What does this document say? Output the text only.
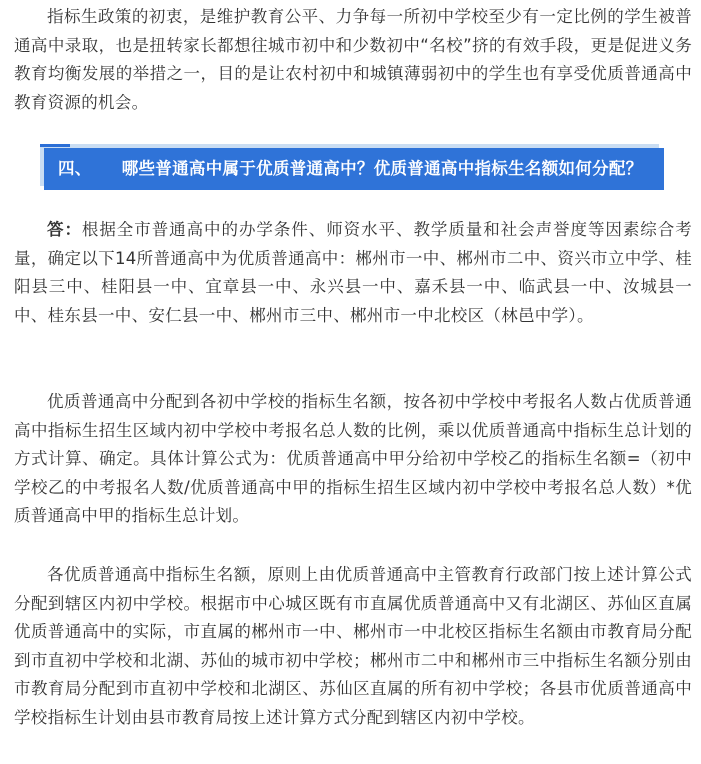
指标生政策的初衷，是维护教育公平、力争每一所初中学校至少有一定比例的学生被普通高中录取，也是扭转家长都想往城市初中和少数初中“名校”挤的有效手段，更是促进义务教育均衡发展的举措之一，目的是让农村初中和城镇薄弱初中的学生也有享受优质普通高中教育资源的机会。

四、 哪些普通高中属于优质普通高中？优质普通高中指标生名额如何分配？

答：根据全市普通高中的办学条件、师资水平、教学质量和社会声誉度等因素综合考量，确定以下14所普通高中为优质普通高中：郴州市一中、郴州市二中、资兴市立中学、桂阳县三中、桂阳县一中、宜章县一中、永兴县一中、嘉禾县一中、临武县一中、汝城县一中、桂东县一中、安仁县一中、郴州市三中、郴州市一中北校区（林邑中学）。

优质普通高中分配到各初中学校的指标生名额，按各初中学校中考报名人数占优质普通高中指标生招生区域内初中学校中考报名总人数的比例，乘以优质普通高中指标生总计划的方式计算、确定。具体计算公式为：优质普通高中甲分给初中学校乙的指标生名额=（初中学校乙的中考报名人数/优质普通高中甲的指标生招生区域内初中学校中考报名总人数）*优质普通高中甲的指标生总计划。

各优质普通高中指标生名额，原则上由优质普通高中主管教育行政部门按上述计算公式分配到辖区内初中学校。根据市中心城区既有市直属优质普通高中又有北湖区、苏仙区直属优质普通高中的实际，市直属的郴州市一中、郴州市一中北校区指标生名额由市教育局分配到市直初中学校和北湖、苏仙的城市初中学校；郴州市二中和郴州市三中指标生名额分别由市教育局分配到市直初中学校和北湖区、苏仙区直属的所有初中学校；各县市优质普通高中学校指标生计划由县市教育局按上述计算方式分配到辖区内初中学校。
